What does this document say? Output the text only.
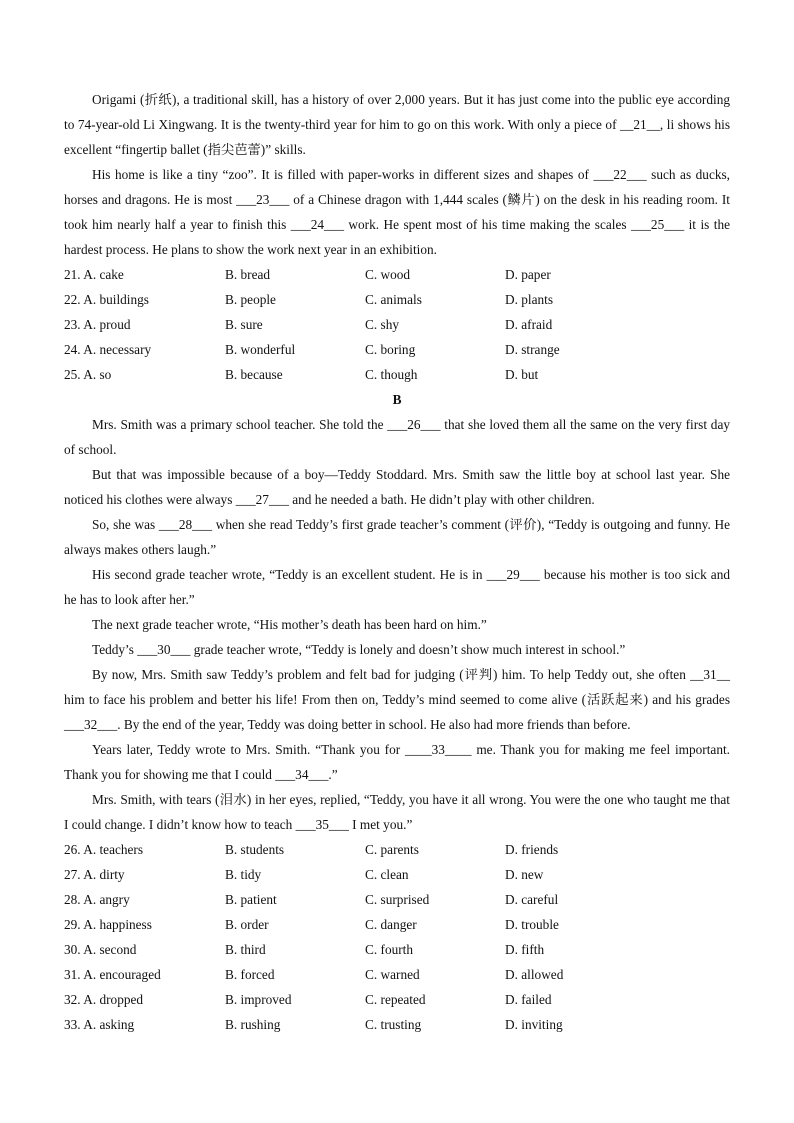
Origami (折纸), a traditional skill, has a history of over 2,000 years. But it has just come into the public eye according to 74-year-old Li Xingwang. It is the twenty-third year for him to go on this work. With only a piece of __21__, li shows his excellent “fingertip ballet (指尖芭蕾)” skills.

His home is like a tiny “zoo”. It is filled with paper-works in different sizes and shapes of ___22___ such as ducks, horses and dragons. He is most ___23___ of a Chinese dragon with 1,444 scales (鳞片) on the desk in his reading room. It took him nearly half a year to finish this ___24___ work. He spent most of his time making the scales ___25___ it is the hardest process. He plans to show the work next year in an exhibition.

21. A. cake	B. bread	C. wood	D. paper
22. A. buildings	B. people	C. animals	D. plants
23. A. proud	B. sure	C. shy	D. afraid
24. A. necessary	B. wonderful	C. boring	D. strange
25. A. so	B. because	C. though	D. but

B

Mrs. Smith was a primary school teacher. She told the ___26___ that she loved them all the same on the very first day of school.

But that was impossible because of a boy—Teddy Stoddard. Mrs. Smith saw the little boy at school last year. She noticed his clothes were always ___27___ and he needed a bath. He didn’t play with other children.

So, she was ___28___ when she read Teddy’s first grade teacher’s comment (评价), “Teddy is outgoing and funny. He always makes others laugh.”

His second grade teacher wrote, “Teddy is an excellent student. He is in ___29___ because his mother is too sick and he has to look after her.”

The next grade teacher wrote, “His mother’s death has been hard on him.”

Teddy’s ___30___ grade teacher wrote, “Teddy is lonely and doesn’t show much interest in school.”

By now, Mrs. Smith saw Teddy’s problem and felt bad for judging (评判) him. To help Teddy out, she often __31__ him to face his problem and better his life! From then on, Teddy’s mind seemed to come alive (活跃起来) and his grades ___32___. By the end of the year, Teddy was doing better in school. He also had more friends than before.

Years later, Teddy wrote to Mrs. Smith. “Thank you for ____33____ me. Thank you for making me feel important. Thank you for showing me that I could ___34___.”

Mrs. Smith, with tears (泪水) in her eyes, replied, “Teddy, you have it all wrong. You were the one who taught me that I could change. I didn’t know how to teach ___35___ I met you.”

26. A. teachers	B. students	C. parents	D. friends
27. A. dirty	B. tidy	C. clean	D. new
28. A. angry	B. patient	C. surprised	D. careful
29. A. happiness	B. order	C. danger	D. trouble
30. A. second	B. third	C. fourth	D. fifth
31. A. encouraged	B. forced	C. warned	D. allowed
32. A. dropped	B. improved	C. repeated	D. failed
33. A. asking	B. rushing	C. trusting	D. inviting
